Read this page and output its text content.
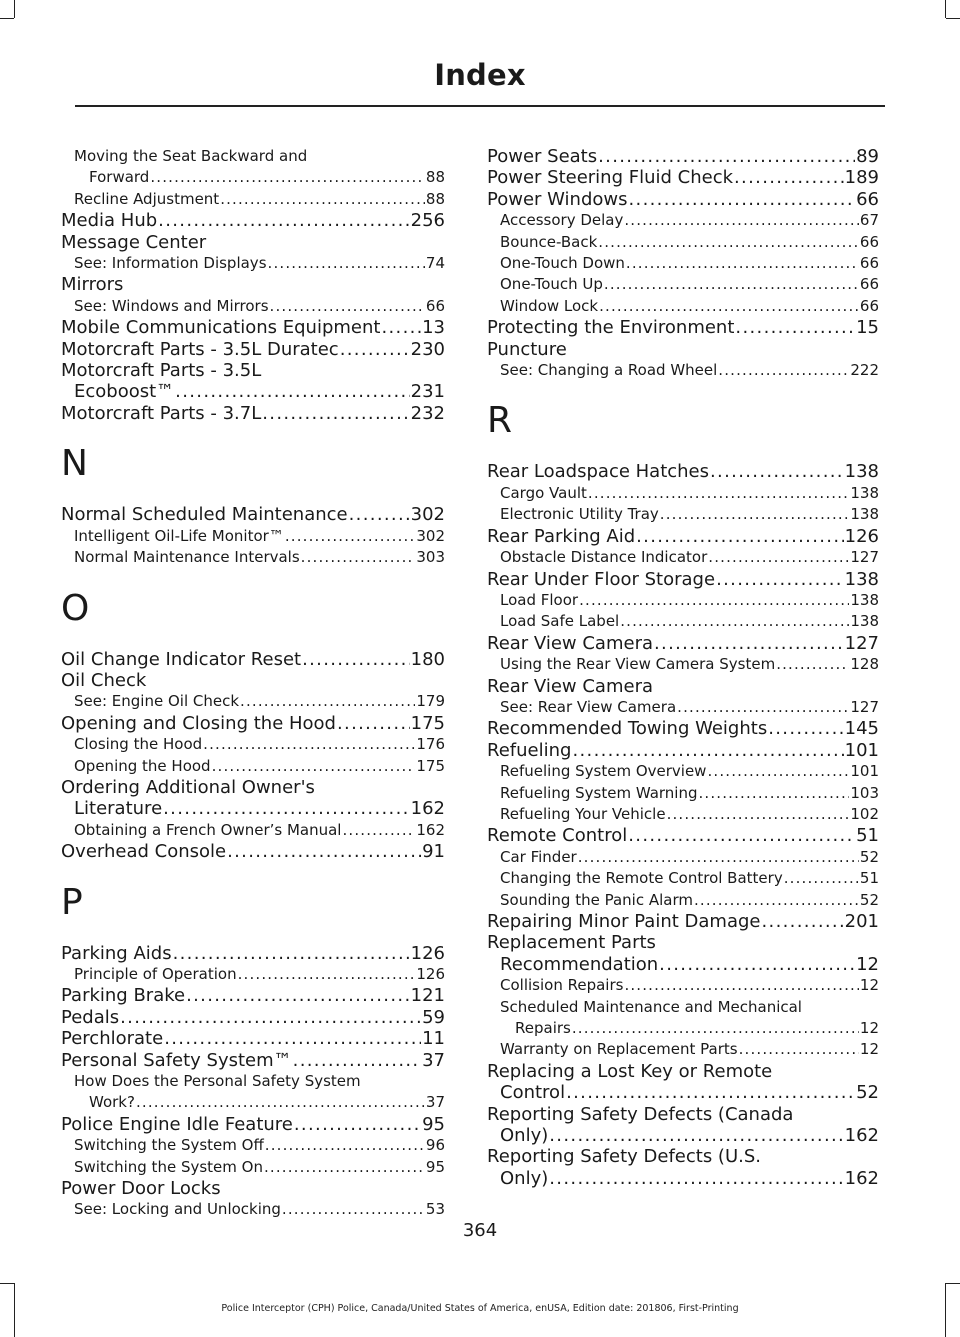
Index
Moving the Seat Backward and
Forward . . .	88
Recline Adjustment . . .	88
Media Hub . . .	256
Message Center
See: Information Displays . . .	74
Mirrors
See: Windows and Mirrors . . .	66
Mobile Communications Equipment . . . 13
Motorcraft Parts - 3.5L Duratec . . .	230
Motorcraft Parts - 3.5L
Ecoboost™ . . .	231
Motorcraft Parts - 3.7L . . .	232
N
Normal Scheduled Maintenance . . .	302
Intelligent Oil-Life Monitor™ . . .	302
Normal Maintenance Intervals . . .	303
O
Oil Change Indicator Reset . . .	180
Oil Check
See: Engine Oil Check . . .	179
Opening and Closing the Hood . . .	175
Closing the Hood . . .	176
Opening the Hood . . .	175
Ordering Additional Owner's
Literature . . .	162
Obtaining a French Owner’s Manual . . .	162
Overhead Console . . .	91
P
Parking Aids . . .	126
Principle of Operation . . .	126
Parking Brake . . .	121
Pedals . . .	59
Perchlorate . . .	11
Personal Safety System™ . . .	37
How Does the Personal Safety System
Work? . . .	37
Police Engine Idle Feature . . .	95
Switching the System Off . . .	96
Switching the System On . . .	95
Power Door Locks
See: Locking and Unlocking . . .	53
Power Seats . . .	89
Power Steering Fluid Check . . .	189
Power Windows . . .	66
Accessory Delay . . .	67
Bounce-Back . . .	66
One-Touch Down . . .	66
One-Touch Up . . .	66
Window Lock . . .	66
Protecting the Environment . . .	15
Puncture
See: Changing a Road Wheel . . .	222
R
Rear Loadspace Hatches . . .	138
Cargo Vault . . .	138
Electronic Utility Tray . . .	138
Rear Parking Aid . . .	126
Obstacle Distance Indicator . . .	127
Rear Under Floor Storage . . .	138
Load Floor . . .	138
Load Safe Label . . .	138
Rear View Camera . . .	127
Using the Rear View Camera System . . .	128
Rear View Camera
See: Rear View Camera . . .	127
Recommended Towing Weights . . .	145
Refueling . . .	101
Refueling System Overview . . .	101
Refueling System Warning . . .	103
Refueling Your Vehicle . . .	102
Remote Control . . .	51
Car Finder . . .	52
Changing the Remote Control Battery . . .	51
Sounding the Panic Alarm . . .	52
Repairing Minor Paint Damage . . .	201
Replacement Parts
Recommendation . . .	12
Collision Repairs . . .	12
Scheduled Maintenance and Mechanical
Repairs . . .	12
Warranty on Replacement Parts . . .	12
Replacing a Lost Key or Remote
Control . . .	52
Reporting Safety Defects (Canada
Only) . . .	162
Reporting Safety Defects (U.S.
Only) . . .	162
364
Police Interceptor (CPH) Police, Canada/United States of America, enUSA, Edition date: 201806, First-Printing
